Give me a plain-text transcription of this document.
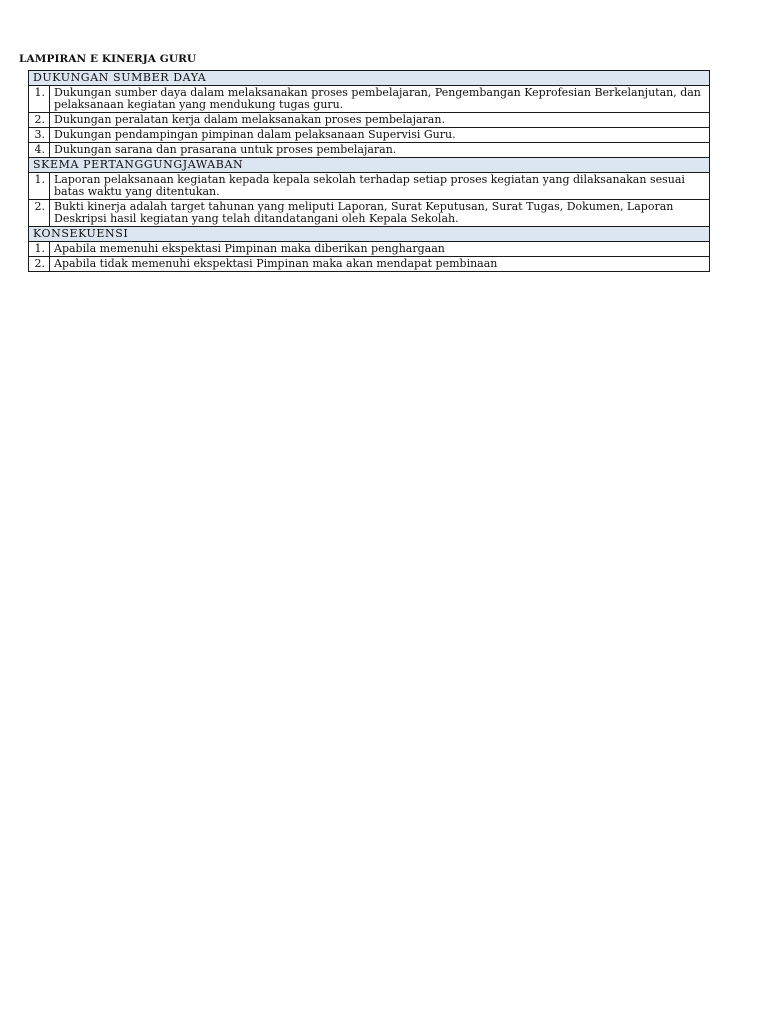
LAMPIRAN E KINERJA GURU
DUKUNGAN SUMBER DAYA	
1.	Dukungan sumber daya dalam melaksanakan proses pembelajaran, Pengembangan Keprofesian Berkelanjutan, dan pelaksanaan kegiatan yang mendukung tugas guru.
2.	Dukungan peralatan kerja dalam melaksanakan proses pembelajaran.
3.	Dukungan pendampingan pimpinan dalam pelaksanaan Supervisi Guru.
4.	Dukungan sarana dan prasarana untuk proses pembelajaran.
SKEMA PERTANGGUNGJAWABAN	
1.	Laporan pelaksanaan kegiatan kepada kepala sekolah terhadap setiap proses kegiatan yang dilaksanakan sesuai batas waktu yang ditentukan.
2.	Bukti kinerja adalah target tahunan yang meliputi Laporan, Surat Keputusan, Surat Tugas, Dokumen, Laporan Deskripsi hasil kegiatan yang telah ditandatangani oleh Kepala Sekolah.
KONSEKUENSI	
1.	Apabila memenuhi ekspektasi Pimpinan maka diberikan penghargaan
2.	Apabila tidak memenuhi ekspektasi Pimpinan maka akan mendapat pembinaan
